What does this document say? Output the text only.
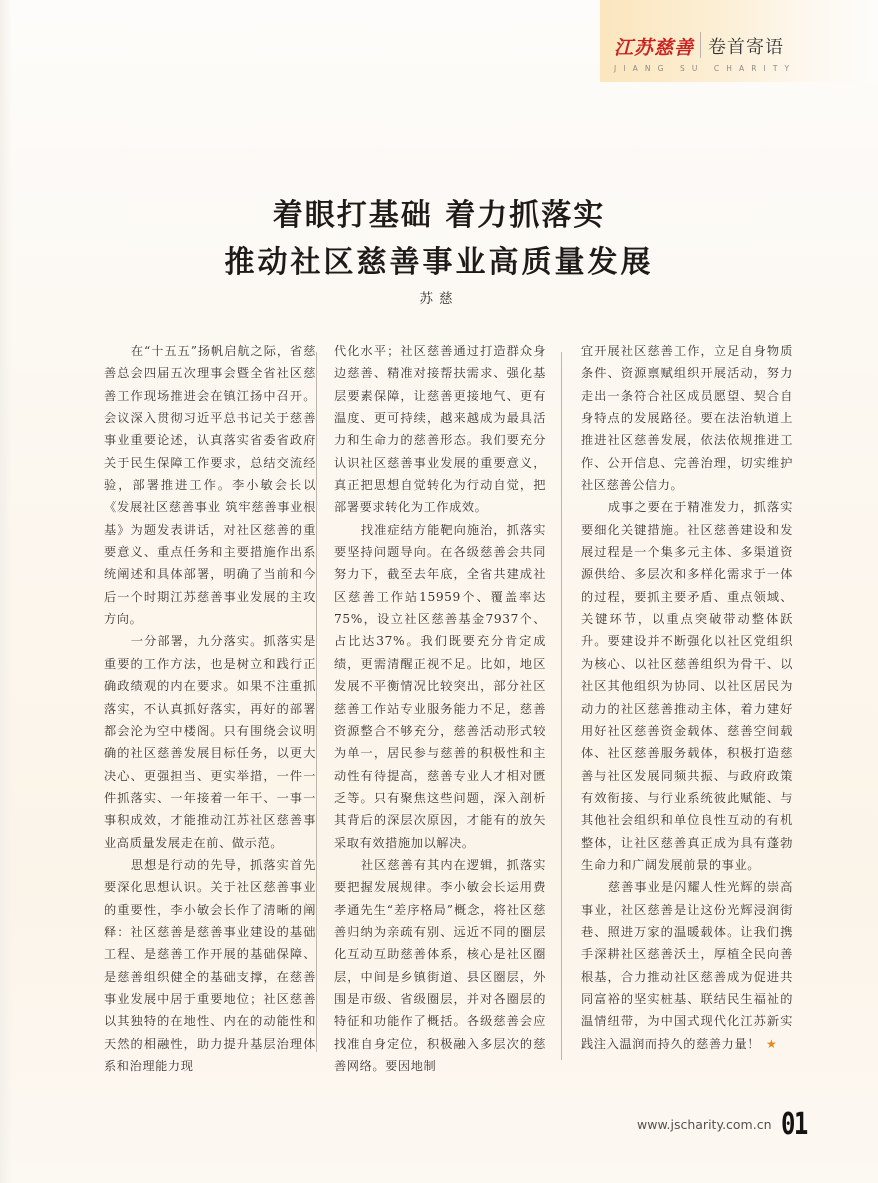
江苏慈善 卷首寄语
JIANG SU CHARITY
着眼打基础 着力抓落实
推动社区慈善事业高质量发展
苏慈

在“十五五”扬帆启航之际，省慈善总会四届五次理事会暨全省社区慈善工作现场推进会在镇江扬中召开。会议深入贯彻习近平总书记关于慈善事业重要论述，认真落实省委省政府关于民生保障工作要求，总结交流经验，部署推进工作。李小敏会长以《发展社区慈善事业 筑牢慈善事业根基》为题发表讲话，对社区慈善的重要意义、重点任务和主要措施作出系统阐述和具体部署，明确了当前和今后一个时期江苏慈善事业发展的主攻方向。

一分部署，九分落实。抓落实是重要的工作方法，也是树立和践行正确政绩观的内在要求。如果不注重抓落实，不认真抓好落实，再好的部署都会沦为空中楼阁。只有围绕会议明确的社区慈善发展目标任务，以更大决心、更强担当、更实举措，一件一件抓落实、一年接着一年干、一事一事积成效，才能推动江苏社区慈善事业高质量发展走在前、做示范。

思想是行动的先导，抓落实首先要深化思想认识。关于社区慈善事业的重要性，李小敏会长作了清晰的阐释：社区慈善是慈善事业建设的基础工程、是慈善工作开展的基础保障、是慈善组织健全的基础支撑，在慈善事业发展中居于重要地位；社区慈善以其独特的在地性、内在的动能性和天然的相融性，助力提升基层治理体系和治理能力现

代化水平；社区慈善通过打造群众身边慈善、精准对接帮扶需求、强化基层要素保障，让慈善更接地气、更有温度、更可持续，越来越成为最具活力和生命力的慈善形态。我们要充分认识社区慈善事业发展的重要意义，真正把思想自觉转化为行动自觉，把部署要求转化为工作成效。

找准症结方能靶向施治，抓落实要坚持问题导向。在各级慈善会共同努力下，截至去年底，全省共建成社区慈善工作站15959个、覆盖率达75%，设立社区慈善基金7937个、占比达37%。我们既要充分肯定成绩，更需清醒正视不足。比如，地区发展不平衡情况比较突出，部分社区慈善工作站专业服务能力不足，慈善资源整合不够充分，慈善活动形式较为单一，居民参与慈善的积极性和主动性有待提高，慈善专业人才相对匮乏等。只有聚焦这些问题，深入剖析其背后的深层次原因，才能有的放矢采取有效措施加以解决。

社区慈善有其内在逻辑，抓落实要把握发展规律。李小敏会长运用费孝通先生“差序格局”概念，将社区慈善归纳为亲疏有别、远近不同的圈层化互动互助慈善体系，核心是社区圈层，中间是乡镇街道、县区圈层，外围是市级、省级圈层，并对各圈层的特征和功能作了概括。各级慈善会应找准自身定位，积极融入多层次的慈善网络。要因地制

宜开展社区慈善工作，立足自身物质条件、资源禀赋组织开展活动，努力走出一条符合社区成员愿望、契合自身特点的发展路径。要在法治轨道上推进社区慈善发展，依法依规推进工作、公开信息、完善治理，切实维护社区慈善公信力。

成事之要在于精准发力，抓落实要细化关键措施。社区慈善建设和发展过程是一个集多元主体、多渠道资源供给、多层次和多样化需求于一体的过程，要抓主要矛盾、重点领域、关键环节，以重点突破带动整体跃升。要建设并不断强化以社区党组织为核心、以社区慈善组织为骨干、以社区其他组织为协同、以社区居民为动力的社区慈善推动主体，着力建好用好社区慈善资金载体、慈善空间载体、社区慈善服务载体，积极打造慈善与社区发展同频共振、与政府政策有效衔接、与行业系统彼此赋能、与其他社会组织和单位良性互动的有机整体，让社区慈善真正成为具有蓬勃生命力和广阔发展前景的事业。

慈善事业是闪耀人性光辉的崇高事业，社区慈善是让这份光辉浸润街巷、照进万家的温暖载体。让我们携手深耕社区慈善沃土，厚植全民向善根基，合力推动社区慈善成为促进共同富裕的坚实桩基、联结民生福祉的温情纽带，为中国式现代化江苏新实践注入温润而持久的慈善力量！ ★

www.jscharity.com.cn 01
